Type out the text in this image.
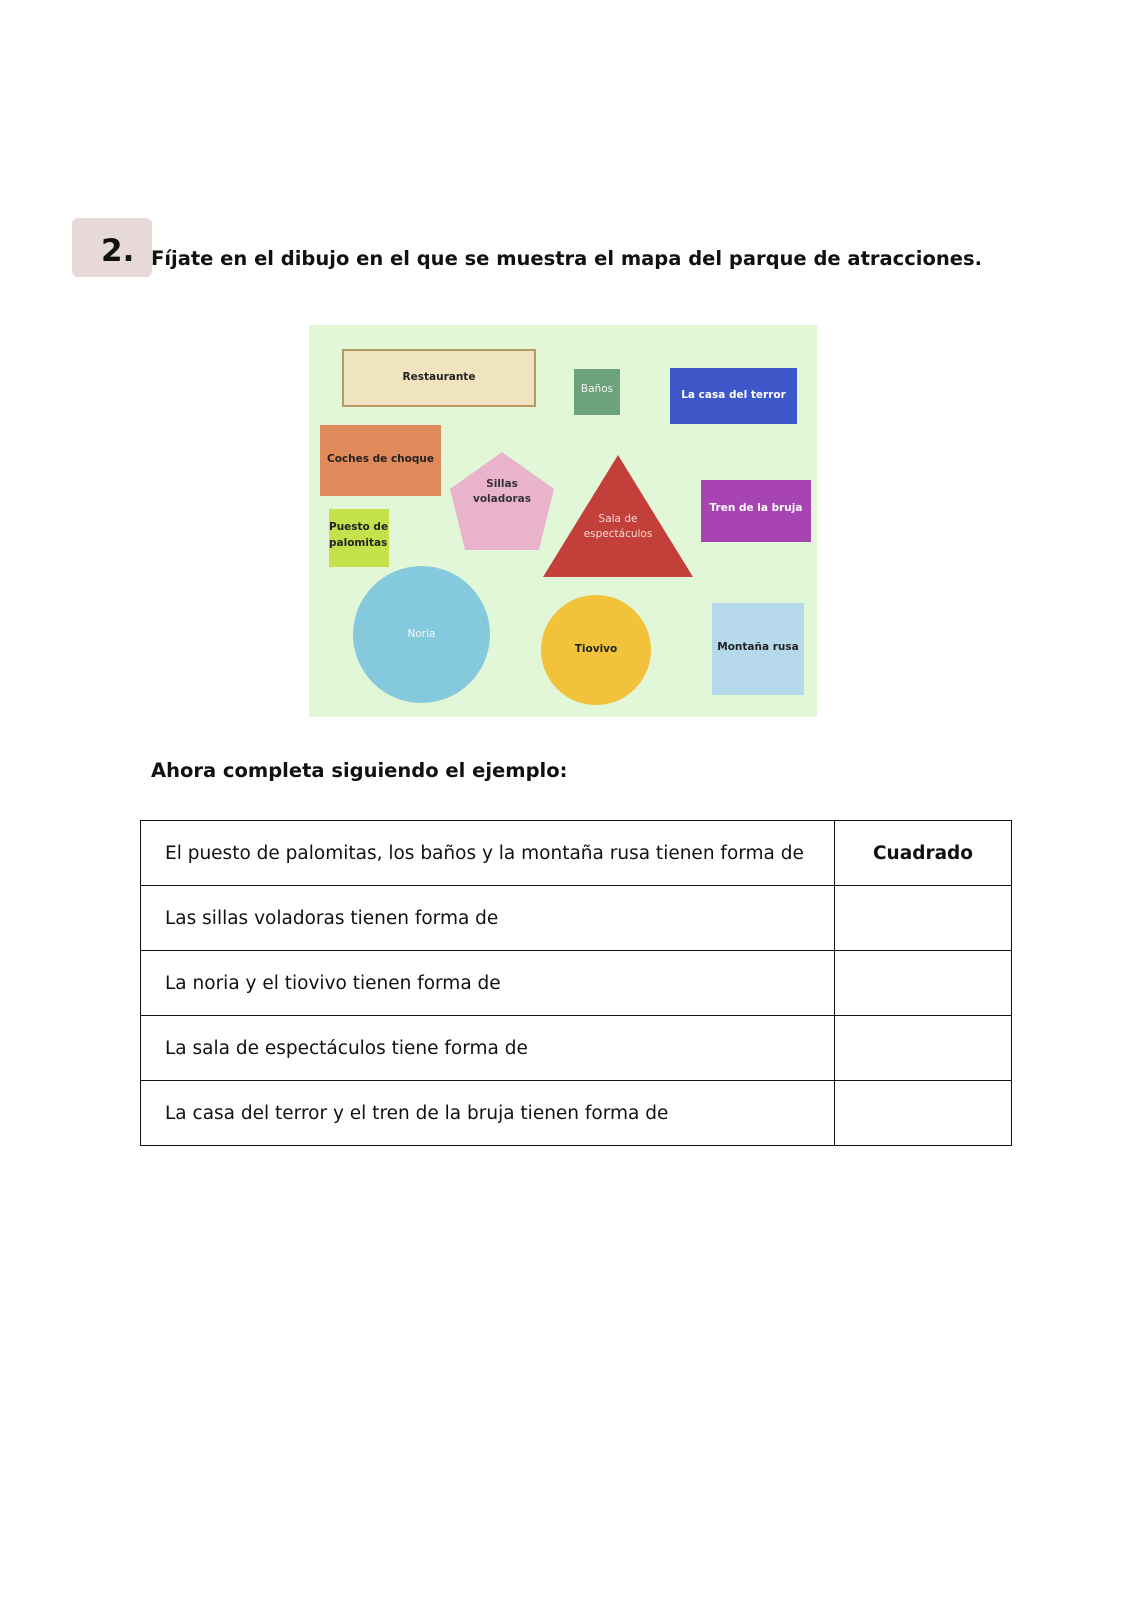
2. Fíjate en el dibujo en el que se muestra el mapa del parque de atracciones.
Restaurante
Baños	La casa del terror
Coches de choque
Sillas
voladoras
Sala de
espectáculos
Tren de la bruja
Puesto de
palomitas
Noria
Tiovivo	Montaña rusa
Ahora completa siguiendo el ejemplo:
El puesto de palomitas, los baños y la montaña rusa tienen forma de	Cuadrado
Las sillas voladoras tienen forma de	
La noria y el tiovivo tienen forma de	
La sala de espectáculos tiene forma de	
La casa del terror y el tren de la bruja tienen forma de	
